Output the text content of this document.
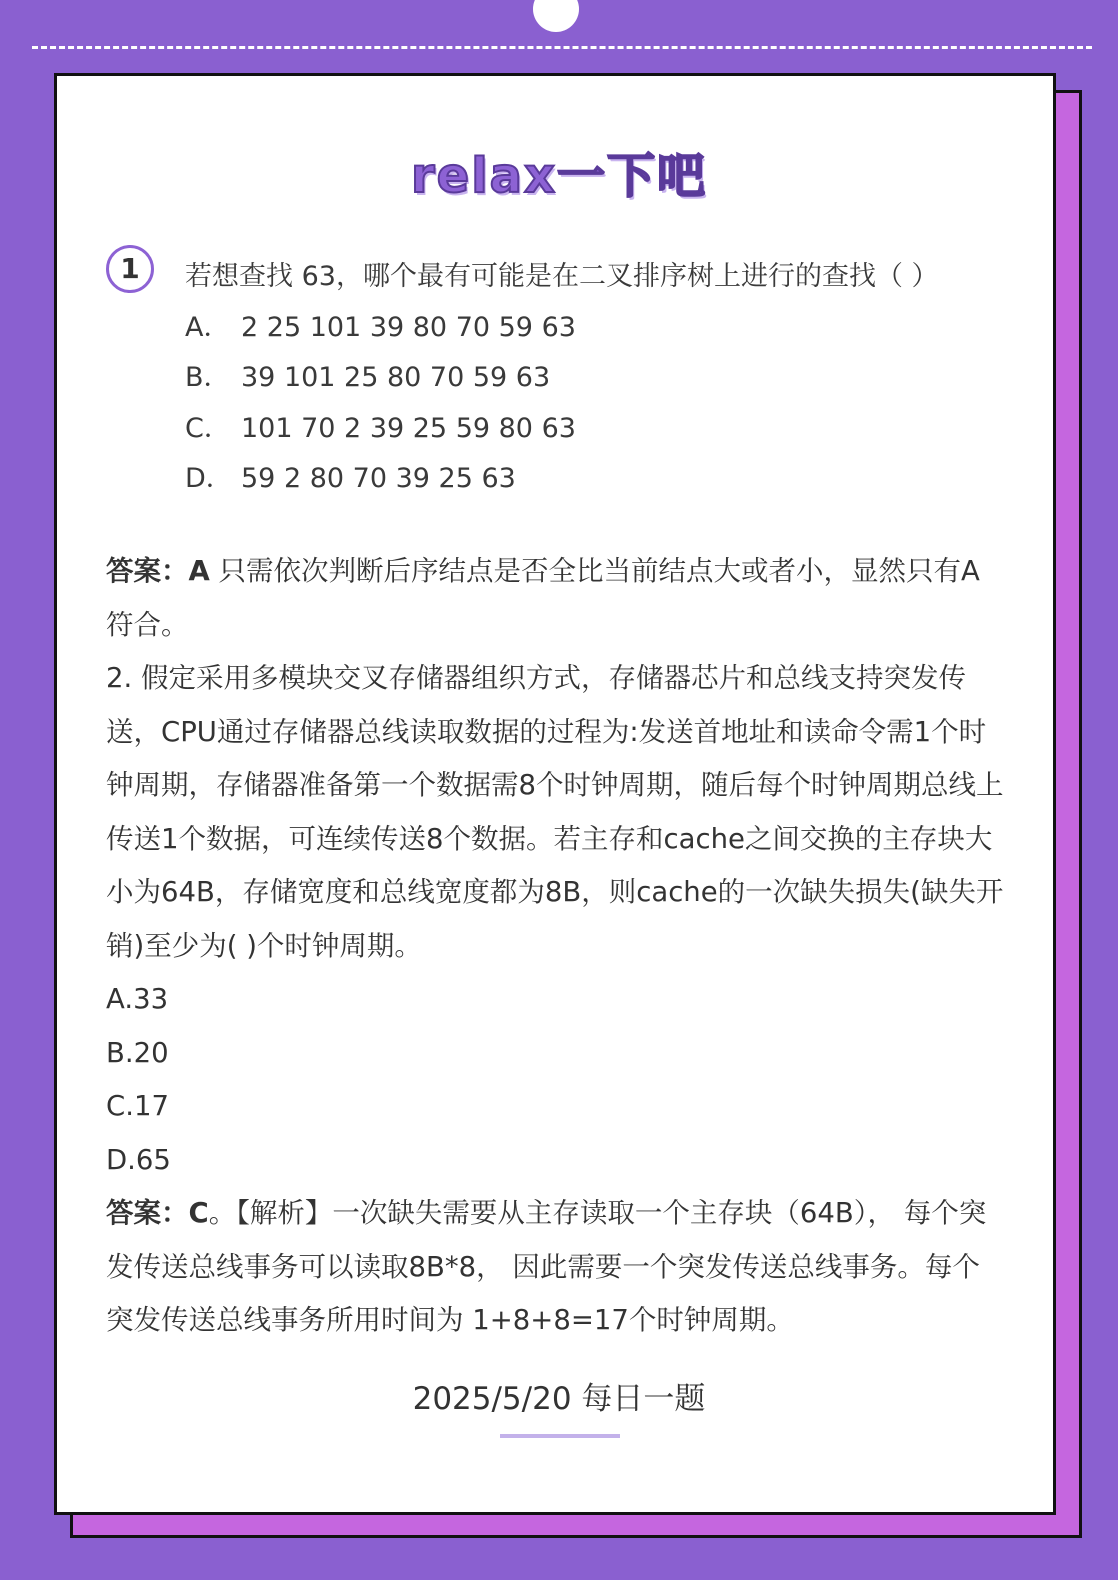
relax一下吧
1	若想查找 63，哪个最有可能是在二叉排序树上进行的查找（ ）
A． 2 25 101 39 80 70 59 63
B． 39 101 25 80 70 59 63
C． 101 70 2 39 25 59 80 63
D． 59 2 80 70 39 25 63

答案：A 只需依次判断后序结点是否全比当前结点大或者小，显然只有A符合。

2. 假定采用多模块交叉存储器组织方式，存储器芯片和总线支持突发传送，CPU通过存储器总线读取数据的过程为:发送首地址和读命令需1个时钟周期，存储器准备第一个数据需8个时钟周期，随后每个时钟周期总线上传送1个数据，可连续传送8个数据。若主存和cache之间交换的主存块大小为64B，存储宽度和总线宽度都为8B，则cache的一次缺失损失(缺失开销)至少为( )个时钟周期。

A.33

B.20

C.17

D.65

答案：C。【解析】一次缺失需要从主存读取一个主存块（64B）， 每个突发传送总线事务可以读取8B*8， 因此需要一个突发传送总线事务。每个突发传送总线事务所用时间为 1+8+8=17个时钟周期。

2025/5/20 每日一题
